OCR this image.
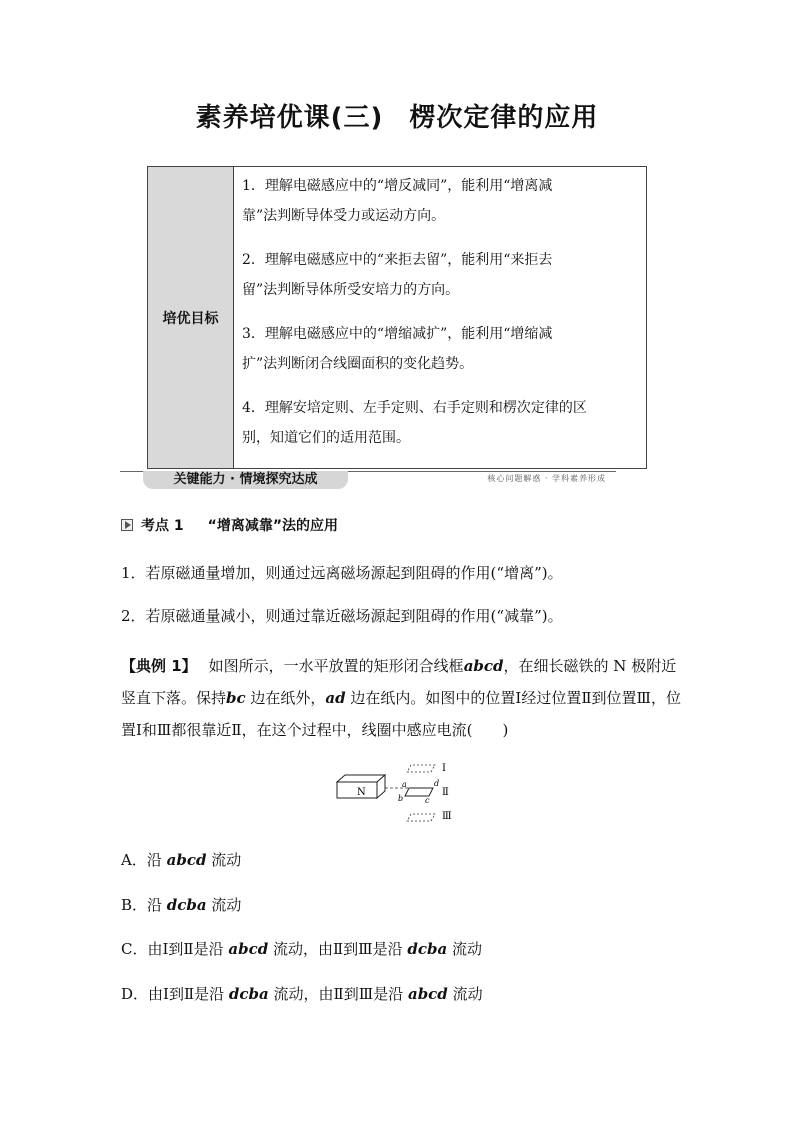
素养培优课(三) 楞次定律的应用
培优目标
1．理解电磁感应中的“增反减同”，能利用“增离减
靠”法判断导体受力或运动方向。
2．理解电磁感应中的“来拒去留”，能利用“来拒去
留”法判断导体所受安培力的方向。
3．理解电磁感应中的“增缩减扩”，能利用“增缩减
扩”法判断闭合线圈面积的变化趋势。
4．理解安培定则、左手定则、右手定则和楞次定律的区
别，知道它们的适用范围。
关键能力 · 情境探究达成	核心问题解惑 · 学科素养形成
考点 1 “增离减靠”法的应用
1．若原磁通量增加，则通过远离磁场源起到阻碍的作用(“增离”)。
2．若原磁通量减小，则通过靠近磁场源起到阻碍的作用(“减靠”)。
【典例 1】 如图所示，一水平放置的矩形闭合线框abcd，在细长磁铁的 N 极附近竖直下落。保持bc 边在纸外，ad 边在纸内。如图中的位置Ⅰ经过位置Ⅱ到位置Ⅲ，位置Ⅰ和Ⅲ都很靠近Ⅱ，在这个过程中，线圈中感应电流(　　)
N
a
b	c
d
Ⅰ
Ⅱ
Ⅲ
A．沿 abcd 流动
B．沿 dcba 流动
C．由Ⅰ到Ⅱ是沿 abcd 流动，由Ⅱ到Ⅲ是沿 dcba 流动
D．由Ⅰ到Ⅱ是沿 dcba 流动，由Ⅱ到Ⅲ是沿 abcd 流动
